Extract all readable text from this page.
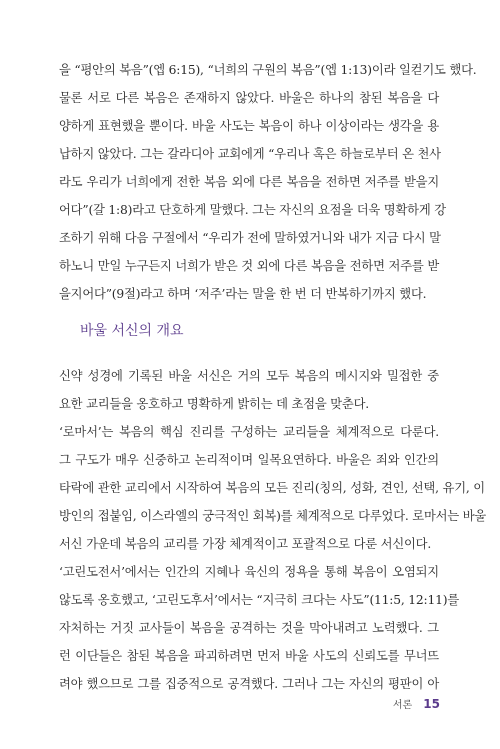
을 “평안의 복음”(엡 6:15), “너희의 구원의 복음”(엡 1:13)이라 일컫기도 했다.
물론 서로 다른 복음은 존재하지 않았다. 바울은 하나의 참된 복음을 다
양하게 표현했을 뿐이다. 바울 사도는 복음이 하나 이상이라는 생각을 용
납하지 않았다. 그는 갈라디아 교회에게 “우리나 혹은 하늘로부터 온 천사
라도 우리가 너희에게 전한 복음 외에 다른 복음을 전하면 저주를 받을지
어다”(갈 1:8)라고 단호하게 말했다. 그는 자신의 요점을 더욱 명확하게 강
조하기 위해 다음 구절에서 “우리가 전에 말하였거니와 내가 지금 다시 말
하노니 만일 누구든지 너희가 받은 것 외에 다른 복음을 전하면 저주를 받
을지어다”(9절)라고 하며 ‘저주’라는 말을 한 번 더 반복하기까지 했다.
바울 서신의 개요
신약 성경에 기록된 바울 서신은 거의 모두 복음의 메시지와 밀접한 중
요한 교리들을 옹호하고 명확하게 밝히는 데 초점을 맞춘다.
‘로마서’는 복음의 핵심 진리를 구성하는 교리들을 체계적으로 다룬다.
그 구도가 매우 신중하고 논리적이며 일목요연하다. 바울은 죄와 인간의
타락에 관한 교리에서 시작하여 복음의 모든 진리(칭의, 성화, 견인, 선택, 유기, 이
방인의 접붙임, 이스라엘의 궁극적인 회복)를 체계적으로 다루었다. 로마서는 바울
서신 가운데 복음의 교리를 가장 체계적이고 포괄적으로 다룬 서신이다.
‘고린도전서’에서는 인간의 지혜나 육신의 정욕을 통해 복음이 오염되지
않도록 옹호했고, ‘고린도후서’에서는 “지극히 크다는 사도”(11:5, 12:11)를
자처하는 거짓 교사들이 복음을 공격하는 것을 막아내려고 노력했다. 그
런 이단들은 참된 복음을 파괴하려면 먼저 바울 사도의 신뢰도를 무너뜨
려야 했으므로 그를 집중적으로 공격했다. 그러나 그는 자신의 평판이 아
서론 15
